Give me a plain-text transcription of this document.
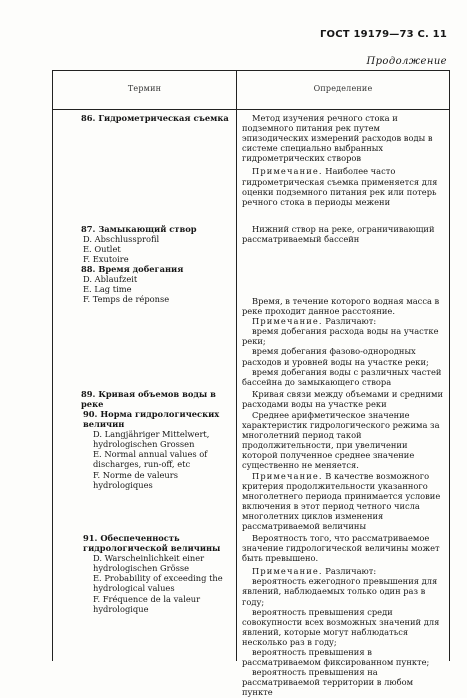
ГОСТ 19179—73 С. 11
Продолжение
Термин	Определение

86. Гидрометрическая съемка

87. Замыкающий створ

D. Abschlussprofil

E. Outlet

F. Exutoire

88. Время добегания

D. Ablaufzeit

E. Lag time

F. Temps de réponse

89. Кривая объемов воды в реке

90. Норма гидрологических величин

D. Langjähriger Mittelwert, hydrologischen Grossen

E. Normal annual values of discharges, run-off, etc

F. Norme de valeurs hydrologiques

91. Обеспеченность гидрологической величины

D. Warscheinlichkeit einer hydrologischen Grösse

E. Probability of exceeding the hydrological values

F. Fréquence de la valeur hydrologique

Метод изучения речного стока и подземного питания рек путем эпизодических измерений расходов воды в системе специально выбранных гидрометрических створов

Примечание. Наиболее часто гидрометрическая съемка применяется для оценки подземного питания рек или потерь речного стока в периоды межени

Нижний створ на реке, ограничивающий рассматриваемый бассейн

Время, в течение которого водная масса в реке проходит данное расстояние.

Примечание. Различают:

время добегания расхода воды на участке реки;

время добегания фазово-однородных расходов и уровней воды на участке реки;

время добегания воды с различных частей бассейна до замыкающего створа

Кривая связи между объемами и средними расходами воды на участке реки

Среднее арифметическое значение характеристик гидрологического режима за многолетний период такой продолжительности, при увеличении которой полученное среднее значение существенно не меняется.

Примечание. В качестве возможного критерия продолжительности указанного многолетнего периода принимается условие включения в этот период четного числа многолетних циклов изменения рассматриваемой величины

Вероятность того, что рассматриваемое значение гидрологической величины может быть превышено.

Примечание. Различают:

вероятность ежегодного превышения для явлений, наблюдаемых только один раз в году;

вероятность превышения среди совокупности всех возможных значений для явлений, которые могут наблюдаться несколько раз в году;

вероятность превышения в рассматриваемом фиксированном пункте;

вероятность превышения на рассматриваемой территории в любом пункте
